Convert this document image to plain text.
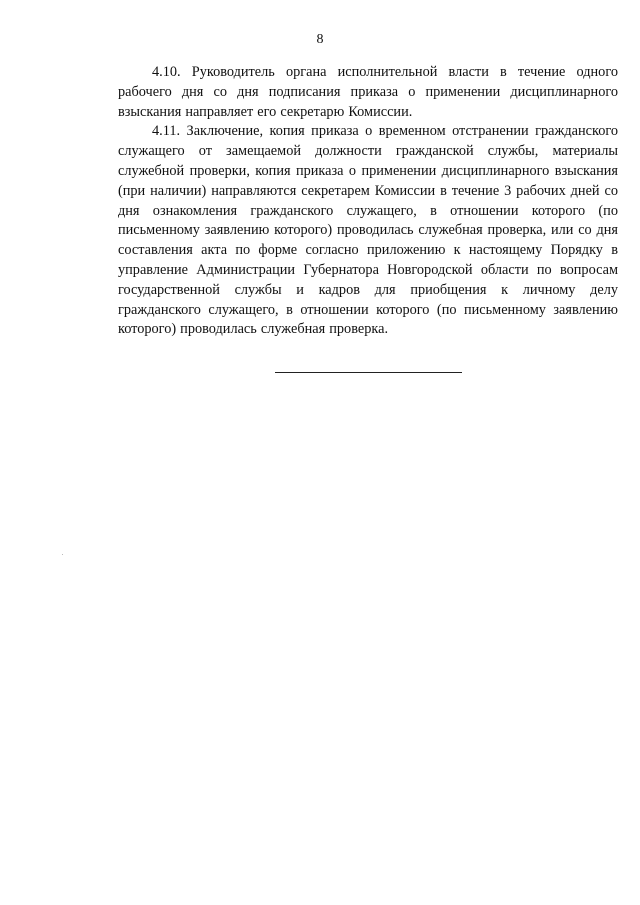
8

4.10. Руководитель органа исполнительной власти в течение одного рабочего дня со дня подписания приказа о применении дисциплинарного взыскания направляет его секретарю Комиссии.

4.11. Заключение, копия приказа о временном отстранении гражданского служащего от замещаемой должности гражданской службы, материалы служебной проверки, копия приказа о применении дисциплинарного взыскания (при наличии) направляются секретарем Комиссии в течение 3 рабочих дней со дня ознакомления гражданского служащего, в отношении которого (по письменному заявлению которого) проводилась служебная проверка, или со дня составления акта по форме согласно приложению к настоящему Порядку в управление Администрации Губернатора Новгородской области по вопросам государственной службы и кадров для приобщения к личному делу гражданского служащего, в отношении которого (по письменному заявлению которого) проводилась служебная проверка.
